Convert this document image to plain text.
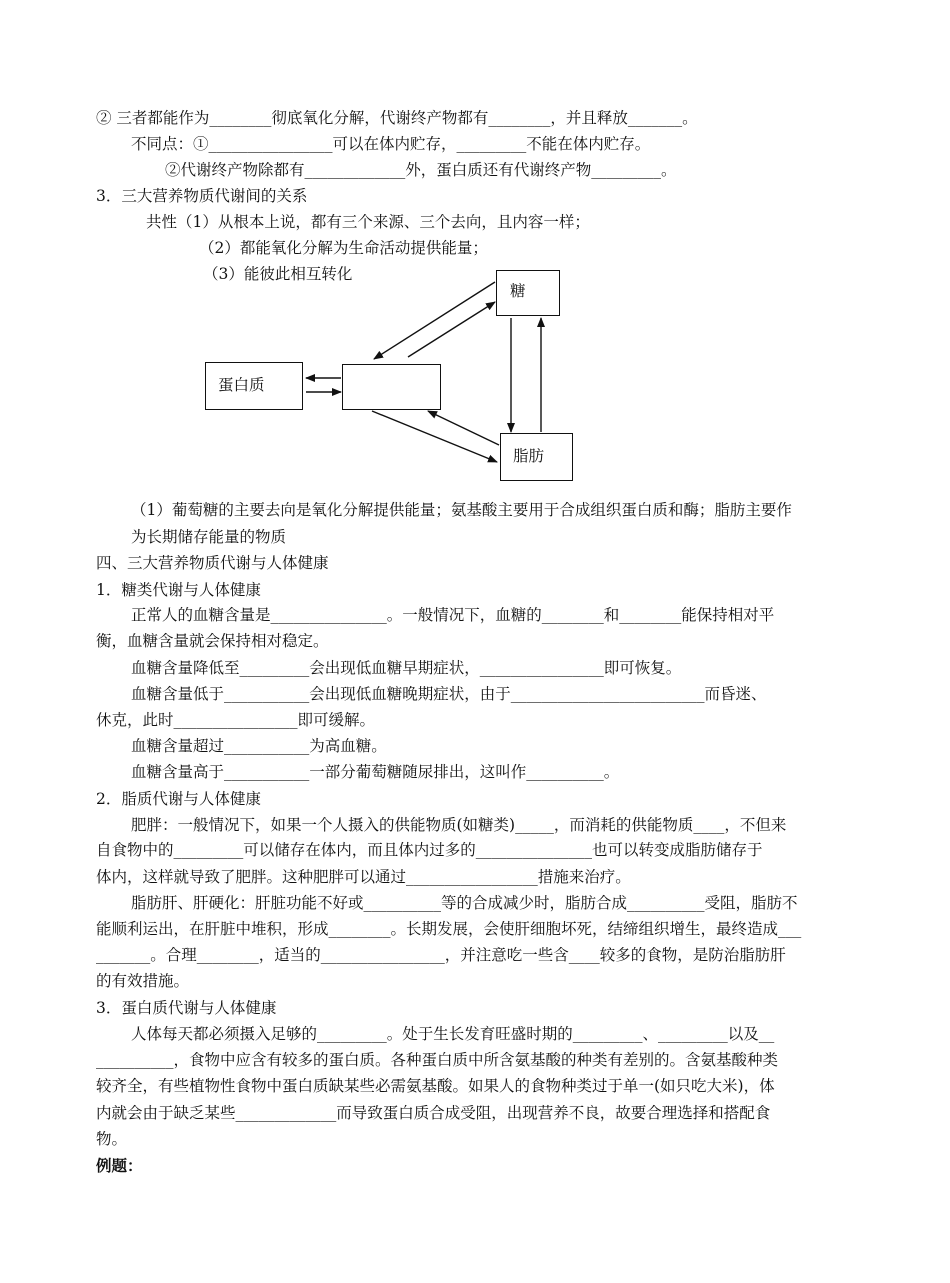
② 三者都能作为________彻底氧化分解，代谢终产物都有________，并且释放_______。
不同点：①________________可以在体内贮存，_________不能在体内贮存。
②代谢终产物除都有_____________外，蛋白质还有代谢终产物_________。
3．三大营养物质代谢间的关系
共性（1）从根本上说，都有三个来源、三个去向，且内容一样；
（2）都能氧化分解为生命活动提供能量；
（3）能彼此相互转化
糖
蛋白质
脂肪
（1）葡萄糖的主要去向是氧化分解提供能量；氨基酸主要用于合成组织蛋白质和酶；脂肪主要作
为长期储存能量的物质
四、三大营养物质代谢与人体健康
1．糖类代谢与人体健康
正常人的血糖含量是_______________。一般情况下，血糖的________和________能保持相对平
衡，血糖含量就会保持相对稳定。
血糖含量降低至_________会出现低血糖早期症状，________________即可恢复。
血糖含量低于___________会出现低血糖晚期症状，由于_________________________而昏迷、
休克，此时________________即可缓解。
血糖含量超过___________为高血糖。
血糖含量高于___________一部分葡萄糖随尿排出，这叫作__________。
2．脂质代谢与人体健康
肥胖：一般情况下，如果一个人摄入的供能物质(如糖类)_____，而消耗的供能物质____，不但来
自食物中的_________可以储存在体内，而且体内过多的_______________也可以转变成脂肪储存于
体内，这样就导致了肥胖。这种肥胖可以通过_________________措施来治疗。
脂肪肝、肝硬化：肝脏功能不好或__________等的合成减少时，脂肪合成__________受阻，脂肪不
能顺利运出，在肝脏中堆积，形成________。长期发展，会使肝细胞坏死，结缔组织增生，最终造成___
_______。合理________，适当的________________，并注意吃一些含____较多的食物，是防治脂肪肝
的有效措施。
3．蛋白质代谢与人体健康
人体每天都必须摄入足够的_________。处于生长发育旺盛时期的_________、_________以及__
__________，食物中应含有较多的蛋白质。各种蛋白质中所含氨基酸的种类有差别的。含氨基酸种类
较齐全，有些植物性食物中蛋白质缺某些必需氨基酸。如果人的食物种类过于单一(如只吃大米)，体
内就会由于缺乏某些_____________而导致蛋白质合成受阻，出现营养不良，故要合理选择和搭配食
物。
例题：
